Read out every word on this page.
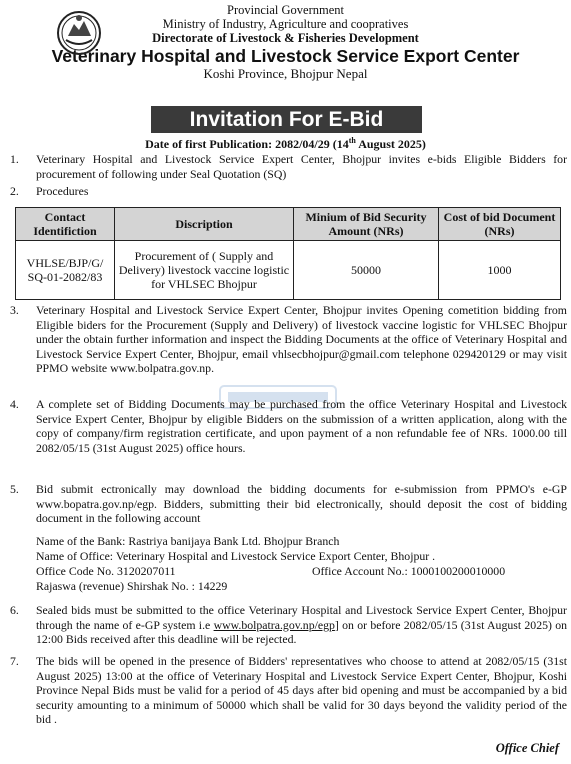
Provincial Government
Ministry of Industry, Agriculture and coopratives
Directorate of Livestock & Fisheries Development
Veterinary Hospital and Livestock Service Export Center
Koshi Province, Bhojpur Nepal
Invitation For E-Bid
Date of first Publication: 2082/04/29 (14th August 2025)
1. Veterinary Hospital and Livestock Service Expert Center, Bhojpur invites e-bids Eligible Bidders for procurement of following under Seal Quotation (SQ)
2. Procedures
Contact Identifiction	Discription	Minium of Bid Security Amount (NRs)	Cost of bid Document (NRs)
VHLSE/BJP/G/ SQ-01-2082/83	Procurement of ( Supply and Delivery) livestock vaccine logistic for VHLSEC Bhojpur	50000	1000
3. Veterinary Hospital and Livestock Service Expert Center, Bhojpur invites Opening cometition bidding from Eligible biders for the Procurement (Supply and Delivery) of livestock vaccine logistic for VHLSEC Bhojpur under the obtain further information and inspect the Bidding Documents at the office of Veterinary Hospital and Livestock Service Expert Center, Bhojpur, email vhlsecbhojpur@gmail.com telephone 029420129 or may visit PPMO website www.bolpatra.gov.np.
4. A complete set of Bidding Documents may be purchased from the office Veterinary Hospital and Livestock Service Expert Center, Bhojpur by eligible Bidders on the submission of a written application, along with the copy of company/firm registration certificate, and upon payment of a non refundable fee of NRs. 1000.00 till 2082/05/15 (31st August 2025) office hours.
5. Bid submit ectronically may download the bidding documents for e-submission from PPMO's e-GP www.bopatra.gov.np/egp. Bidders, submitting their bid electronically, should deposit the cost of bidding document in the following account
Name of the Bank: Rastriya banijaya Bank Ltd. Bhojpur Branch
Name of Office: Veterinary Hospital and Livestock Service Export Center, Bhojpur .
Office Code No. 3120207011	Office Account No.: 1000100200010000
Rajaswa (revenue) Shirshak No. : 14229
6. Sealed bids must be submitted to the office Veterinary Hospital and Livestock Service Expert Center, Bhojpur through the name of e-GP system i.e www.bolpatra.gov.np/egp] on or before 2082/05/15 (31st August 2025) on 12:00 Bids received after this deadline will be rejected.
7. The bids will be opened in the presence of Bidders' representatives who choose to attend at 2082/05/15 (31st August 2025) 13:00 at the office of Veterinary Hospital and Livestock Service Expert Center, Bhojpur, Koshi Province Nepal Bids must be valid for a period of 45 days after bid opening and must be accompanied by a bid security amounting to a minimum of 50000 which shall be valid for 30 days beyond the validity period of the bid .
Office Chief
